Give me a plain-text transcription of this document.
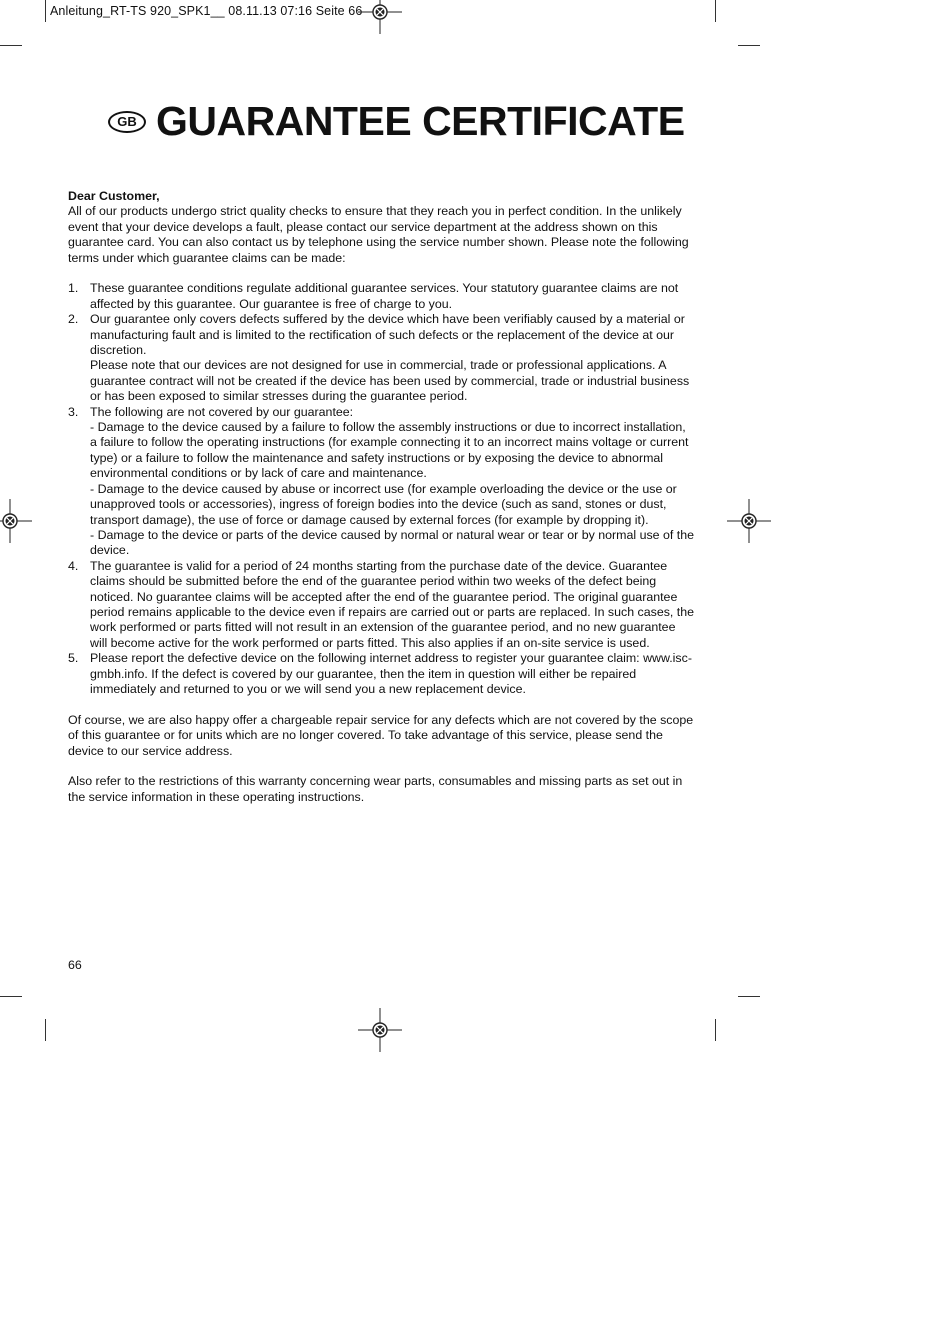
Anleitung_RT-TS 920_SPK1__ 08.11.13 07:16 Seite 66
GB GUARANTEE CERTIFICATE

Dear Customer,

All of our products undergo strict quality checks to ensure that they reach you in perfect condition. In the unlikely event that your device develops a fault, please contact our service department at the address shown on this guarantee card. You can also contact us by telephone using the service number shown. Please note the following terms under which guarantee claims can be made:

1. These guarantee conditions regulate additional guarantee services. Your statutory guarantee claims are not affected by this guarantee. Our guarantee is free of charge to you.

2. Our guarantee only covers defects suffered by the device which have been verifiably caused by a material or manufacturing fault and is limited to the rectification of such defects or the replacement of the device at our discretion.

Please note that our devices are not designed for use in commercial, trade or professional applications. A guarantee contract will not be created if the device has been used by commercial, trade or industrial business or has been exposed to similar stresses during the guarantee period.

3. The following are not covered by our guarantee:

- Damage to the device caused by a failure to follow the assembly instructions or due to incorrect installation, a failure to follow the operating instructions (for example connecting it to an incorrect mains voltage or current type) or a failure to follow the maintenance and safety instructions or by exposing the device to abnormal environmental conditions or by lack of care and maintenance.

- Damage to the device caused by abuse or incorrect use (for example overloading the device or the use or unapproved tools or accessories), ingress of foreign bodies into the device (such as sand, stones or dust, transport damage), the use of force or damage caused by external forces (for example by dropping it).

- Damage to the device or parts of the device caused by normal or natural wear or tear or by normal use of the device.

4. The guarantee is valid for a period of 24 months starting from the purchase date of the device. Guarantee claims should be submitted before the end of the guarantee period within two weeks of the defect being noticed. No guarantee claims will be accepted after the end of the guarantee period. The original guarantee period remains applicable to the device even if repairs are carried out or parts are replaced. In such cases, the work performed or parts fitted will not result in an extension of the guarantee period, and no new guarantee will become active for the work performed or parts fitted. This also applies if an on-site service is used.

5. Please report the defective device on the following internet address to register your guarantee claim: www.isc-gmbh.info. If the defect is covered by our guarantee, then the item in question will either be repaired immediately and returned to you or we will send you a new replacement device.

Of course, we are also happy offer a chargeable repair service for any defects which are not covered by the scope of this guarantee or for units which are no longer covered. To take advantage of this service, please send the device to our service address.

Also refer to the restrictions of this warranty concerning wear parts, consumables and missing parts as set out in the service information in these operating instructions.

66
